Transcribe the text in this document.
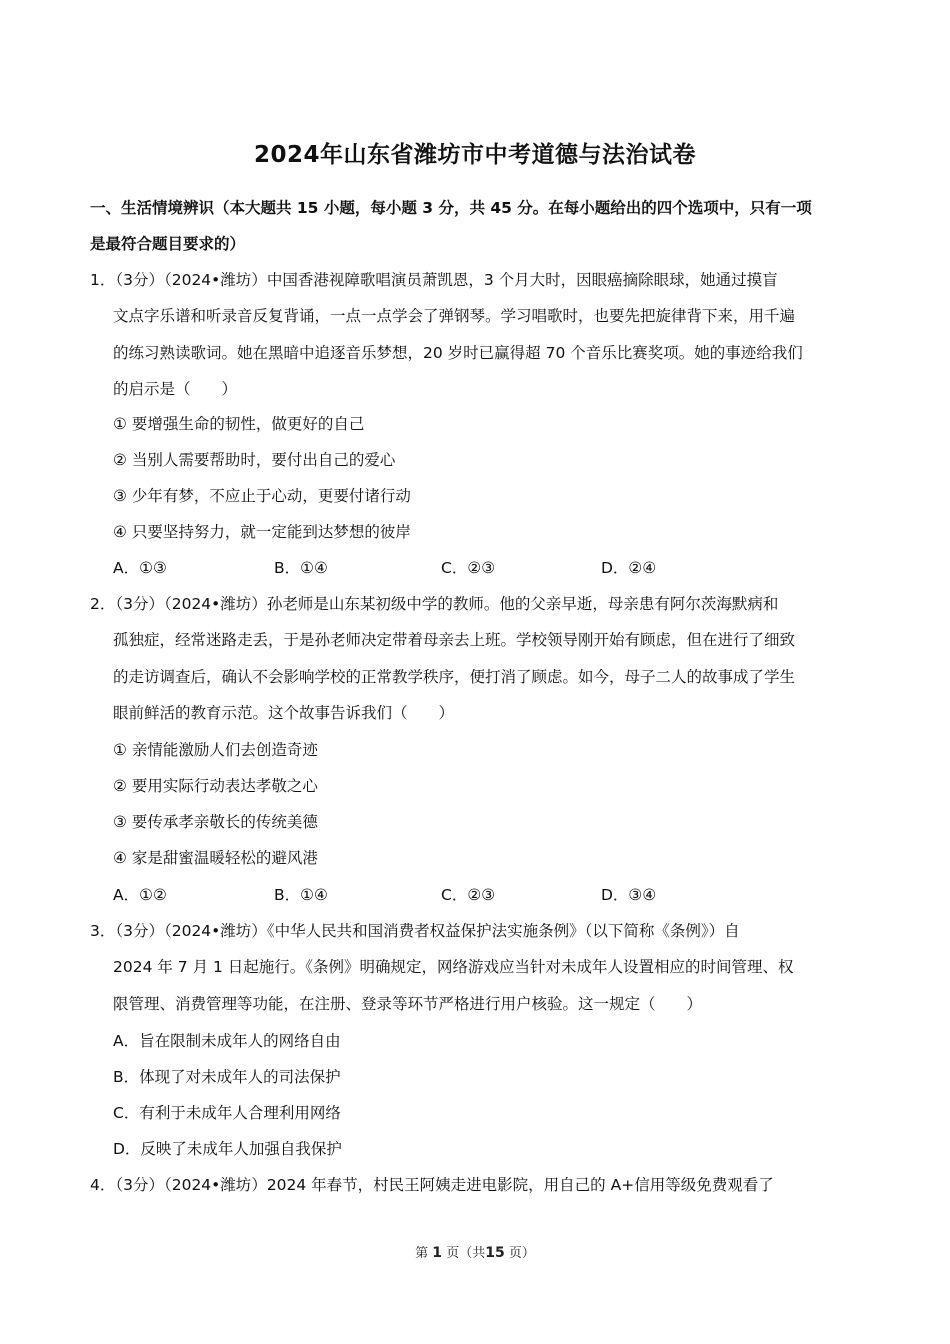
2024年山东省潍坊市中考道德与法治试卷
一、生活情境辨识（本大题共 15 小题，每小题 3 分，共 45 分。在每小题给出的四个选项中，只有一项
是最符合题目要求的）
1．（3分）（2024•潍坊）中国香港视障歌唱演员萧凯恩，3 个月大时，因眼癌摘除眼球，她通过摸盲
文点字乐谱和听录音反复背诵，一点一点学会了弹钢琴。学习唱歌时，也要先把旋律背下来，用千遍
的练习熟读歌词。她在黑暗中追逐音乐梦想，20 岁时已赢得超 70 个音乐比赛奖项。她的事迹给我们
的启示是（　　）
① 要增强生命的韧性，做更好的自己
② 当别人需要帮助时，要付出自己的爱心
③ 少年有梦，不应止于心动，更要付诸行动
④ 只要坚持努力，就一定能到达梦想的彼岸
A．①③	B．①④	C．②③	D．②④
2．（3分）（2024•潍坊）孙老师是山东某初级中学的教师。他的父亲早逝，母亲患有阿尔茨海默病和
孤独症，经常迷路走丢，于是孙老师决定带着母亲去上班。学校领导刚开始有顾虑，但在进行了细致
的走访调查后，确认不会影响学校的正常教学秩序，便打消了顾虑。如今，母子二人的故事成了学生
眼前鲜活的教育示范。这个故事告诉我们（　　）
① 亲情能激励人们去创造奇迹
② 要用实际行动表达孝敬之心
③ 要传承孝亲敬长的传统美德
④ 家是甜蜜温暖轻松的避风港
A．①②	B．①④	C．②③	D．③④
3．（3分）（2024•潍坊）《中华人民共和国消费者权益保护法实施条例》（以下简称《条例》）自
2024 年 7 月 1 日起施行。《条例》明确规定，网络游戏应当针对未成年人设置相应的时间管理、权
限管理、消费管理等功能，在注册、登录等环节严格进行用户核验。这一规定（　　）
A．旨在限制未成年人的网络自由
B．体现了对未成年人的司法保护
C．有利于未成年人合理利用网络
D．反映了未成年人加强自我保护
4．（3分）（2024•潍坊）2024 年春节，村民王阿姨走进电影院，用自己的 A+信用等级免费观看了
第 1 页（共15 页）
